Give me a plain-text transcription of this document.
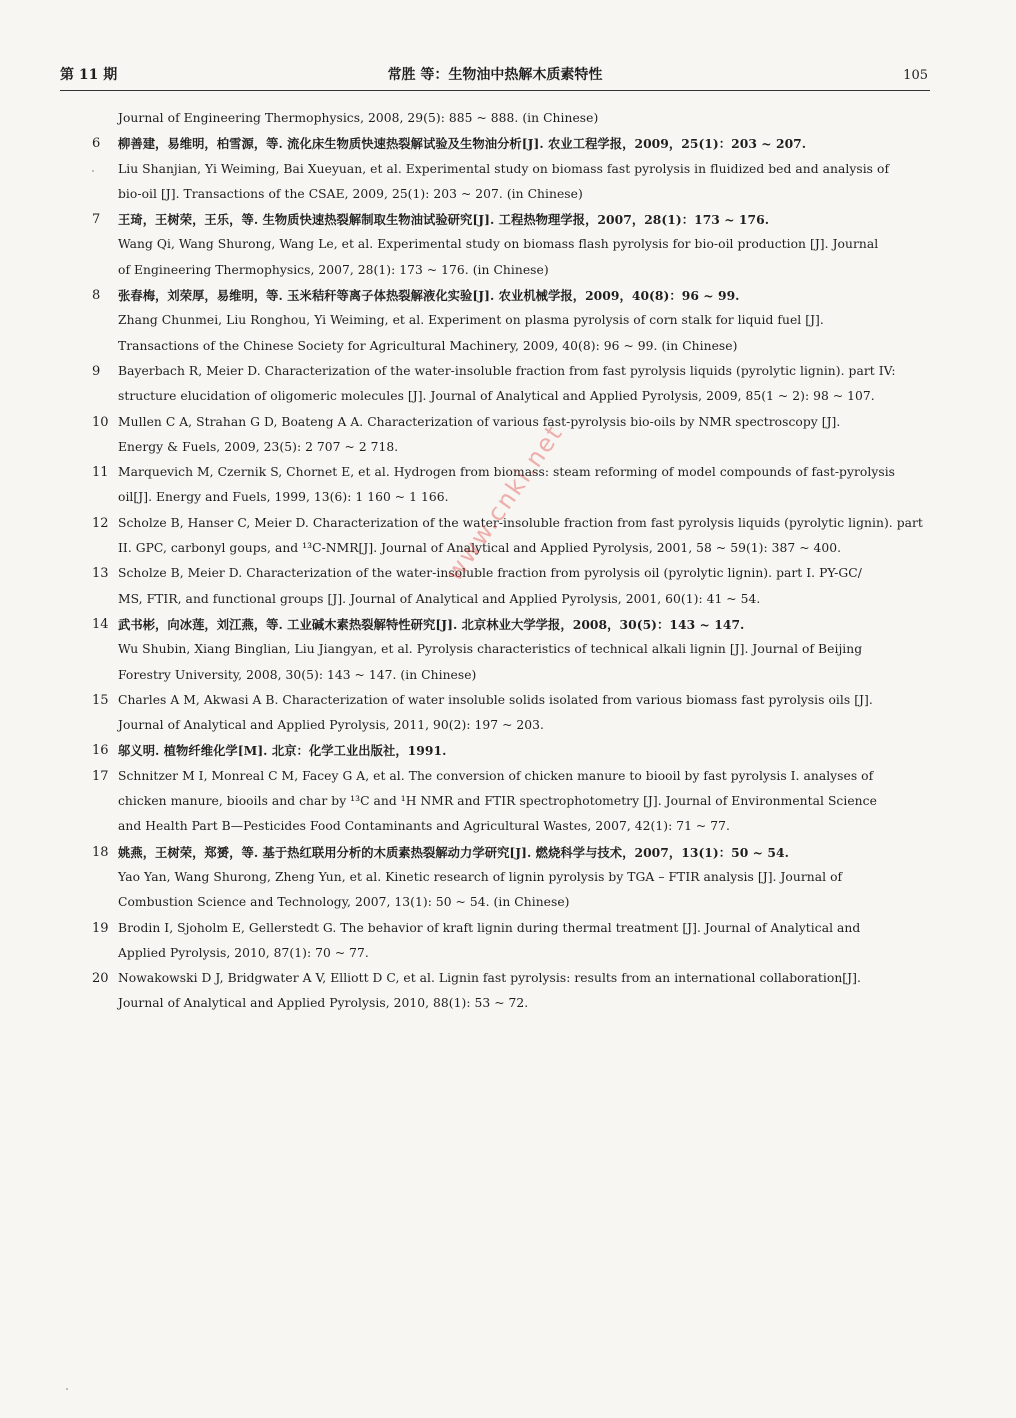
第 11 期	常胜 等：生物油中热解木质素特性	105
Journal of Engineering Thermophysics, 2008, 29(5): 885 ~ 888. (in Chinese)
6	柳善建，易维明，柏雪源，等. 流化床生物质快速热裂解试验及生物油分析[J]. 农业工程学报，2009，25(1)：203 ~ 207.
Liu Shanjian, Yi Weiming, Bai Xueyuan, et al. Experimental study on biomass fast pyrolysis in fluidized bed and analysis of
bio-oil [J]. Transactions of the CSAE, 2009, 25(1): 203 ~ 207. (in Chinese)
7	王琦，王树荣，王乐，等. 生物质快速热裂解制取生物油试验研究[J]. 工程热物理学报，2007，28(1)：173 ~ 176.
Wang Qi, Wang Shurong, Wang Le, et al. Experimental study on biomass flash pyrolysis for bio-oil production [J]. Journal
of Engineering Thermophysics, 2007, 28(1): 173 ~ 176. (in Chinese)
8	张春梅，刘荣厚，易维明，等. 玉米秸秆等离子体热裂解液化实验[J]. 农业机械学报，2009，40(8)：96 ~ 99.
Zhang Chunmei, Liu Ronghou, Yi Weiming, et al. Experiment on plasma pyrolysis of corn stalk for liquid fuel [J].
Transactions of the Chinese Society for Agricultural Machinery, 2009, 40(8): 96 ~ 99. (in Chinese)
9	Bayerbach R, Meier D. Characterization of the water-insoluble fraction from fast pyrolysis liquids (pyrolytic lignin). part IV:
structure elucidation of oligomeric molecules [J]. Journal of Analytical and Applied Pyrolysis, 2009, 85(1 ~ 2): 98 ~ 107.
10 Mullen C A, Strahan G D, Boateng A A. Characterization of various fast-pyrolysis bio-oils by NMR spectroscopy [J].
Energy & Fuels, 2009, 23(5): 2 707 ~ 2 718.
11 Marquevich M, Czernik S, Chornet E, et al. Hydrogen from biomass: steam reforming of model compounds of fast-pyrolysis
oil[J]. Energy and Fuels, 1999, 13(6): 1 160 ~ 1 166.
12 Scholze B, Hanser C, Meier D. Characterization of the water-insoluble fraction from fast pyrolysis liquids (pyrolytic lignin). part
II. GPC, carbonyl goups, and ¹³C-NMR[J]. Journal of Analytical and Applied Pyrolysis, 2001, 58 ~ 59(1): 387 ~ 400.
13 Scholze B, Meier D. Characterization of the water-insoluble fraction from pyrolysis oil (pyrolytic lignin). part I. PY-GC/
MS, FTIR, and functional groups [J]. Journal of Analytical and Applied Pyrolysis, 2001, 60(1): 41 ~ 54.
14 武书彬，向冰莲，刘江燕，等. 工业碱木素热裂解特性研究[J]. 北京林业大学学报，2008，30(5)：143 ~ 147.
Wu Shubin, Xiang Binglian, Liu Jiangyan, et al. Pyrolysis characteristics of technical alkali lignin [J]. Journal of Beijing
Forestry University, 2008, 30(5): 143 ~ 147. (in Chinese)
15 Charles A M, Akwasi A B. Characterization of water insoluble solids isolated from various biomass fast pyrolysis oils [J].
Journal of Analytical and Applied Pyrolysis, 2011, 90(2): 197 ~ 203.
16 邬义明. 植物纤维化学[M]. 北京：化学工业出版社，1991.
17 Schnitzer M I, Monreal C M, Facey G A, et al. The conversion of chicken manure to biooil by fast pyrolysis I. analyses of
chicken manure, biooils and char by ¹³C and ¹H NMR and FTIR spectrophotometry [J]. Journal of Environmental Science
and Health Part B—Pesticides Food Contaminants and Agricultural Wastes, 2007, 42(1): 71 ~ 77.
18 姚燕，王树荣，郑赟，等. 基于热红联用分析的木质素热裂解动力学研究[J]. 燃烧科学与技术，2007，13(1)：50 ~ 54.
Yao Yan, Wang Shurong, Zheng Yun, et al. Kinetic research of lignin pyrolysis by TGA – FTIR analysis [J]. Journal of
Combustion Science and Technology, 2007, 13(1): 50 ~ 54. (in Chinese)
19 Brodin I, Sjoholm E, Gellerstedt G. The behavior of kraft lignin during thermal treatment [J]. Journal of Analytical and
Applied Pyrolysis, 2010, 87(1): 70 ~ 77.
20 Nowakowski D J, Bridgwater A V, Elliott D C, et al. Lignin fast pyrolysis: results from an international collaboration[J].
Journal of Analytical and Applied Pyrolysis, 2010, 88(1): 53 ~ 72.
www.cnki.net
